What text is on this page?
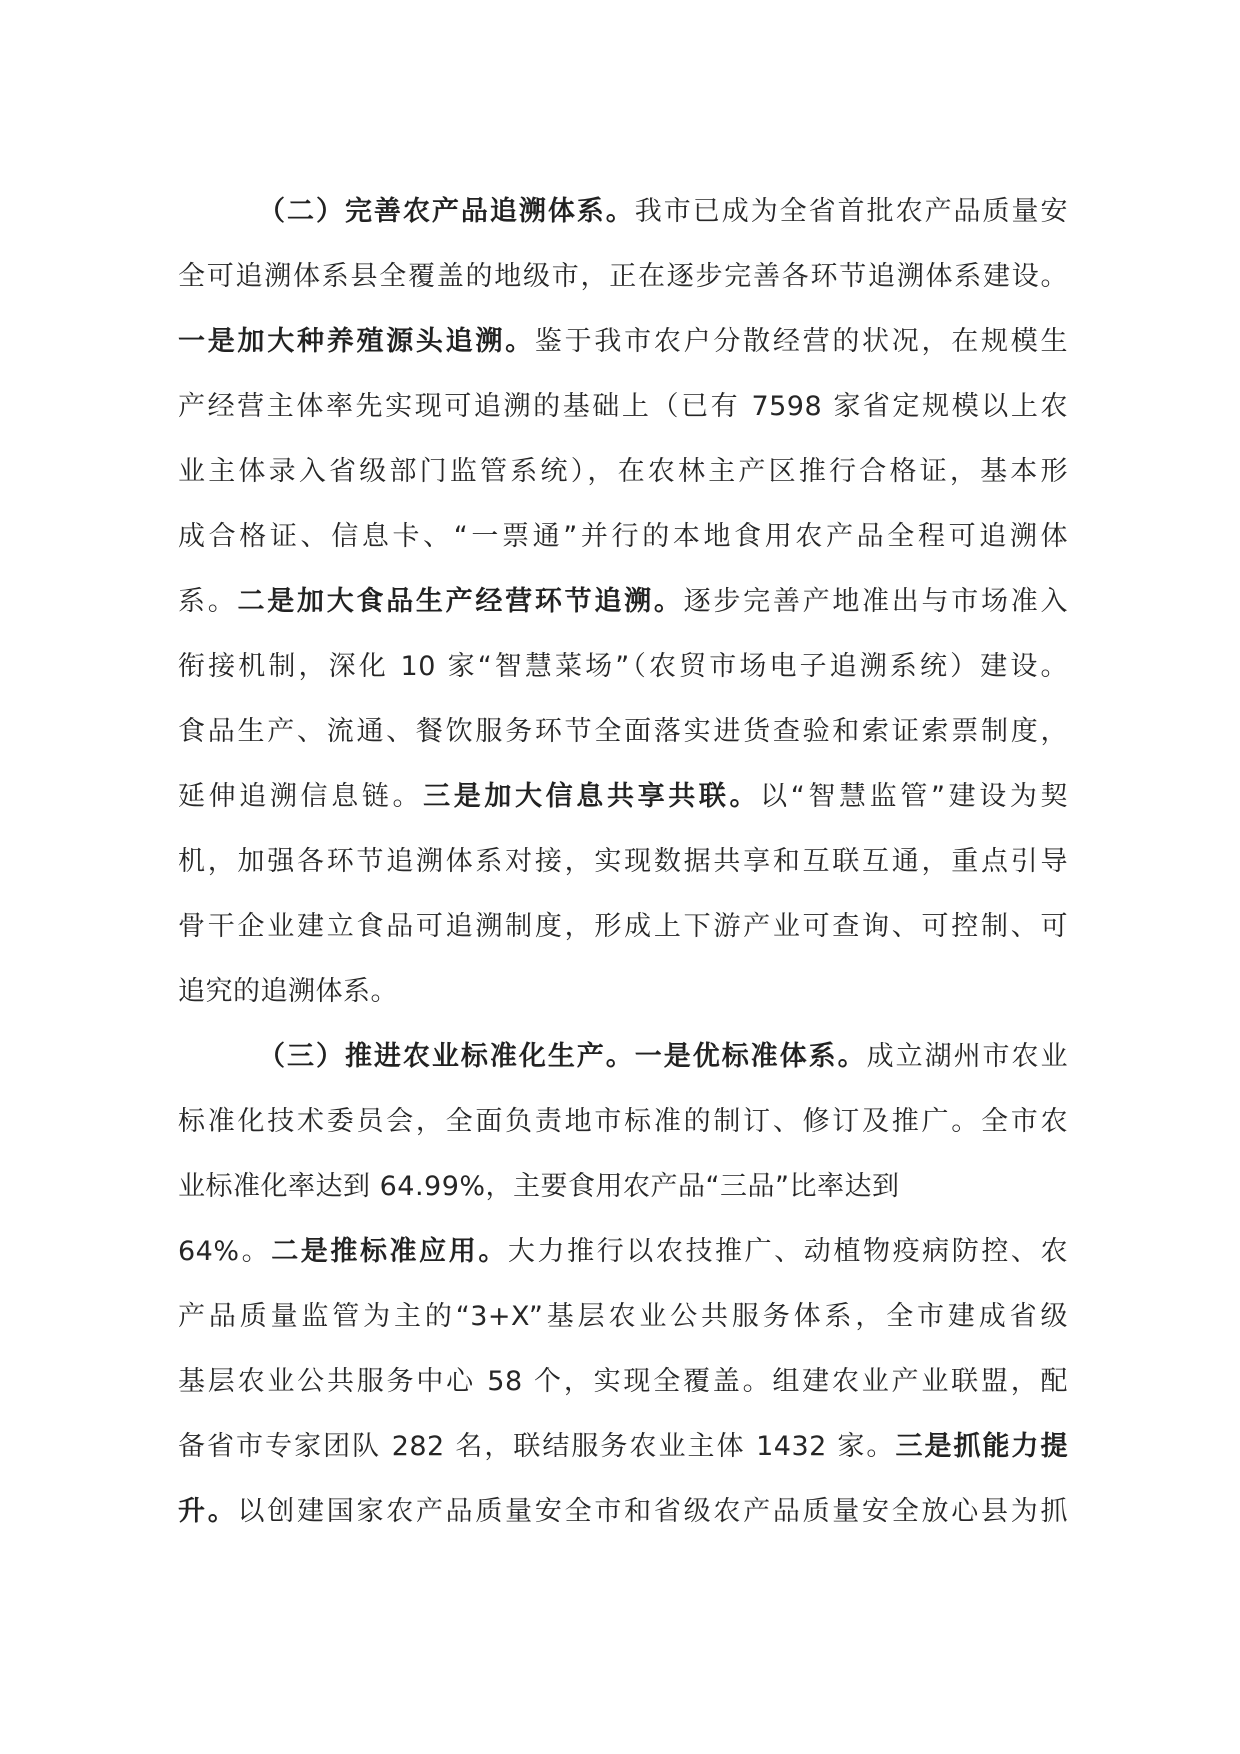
（二）完善农产品追溯体系。我市已成为全省首批农产品质量安
全可追溯体系县全覆盖的地级市，正在逐步完善各环节追溯体系建设。
一是加大种养殖源头追溯。鉴于我市农户分散经营的状况，在规模生
产经营主体率先实现可追溯的基础上（已有 7598 家省定规模以上农
业主体录入省级部门监管系统），在农林主产区推行合格证，基本形
成合格证、信息卡、“一票通”并行的本地食用农产品全程可追溯体
系。二是加大食品生产经营环节追溯。逐步完善产地准出与市场准入
衔接机制，深化 10 家“智慧菜场”（农贸市场电子追溯系统）建设。
食品生产、流通、餐饮服务环节全面落实进货查验和索证索票制度，
延伸追溯信息链。三是加大信息共享共联。以“智慧监管”建设为契
机，加强各环节追溯体系对接，实现数据共享和互联互通，重点引导
骨干企业建立食品可追溯制度，形成上下游产业可查询、可控制、可
追究的追溯体系。
（三）推进农业标准化生产。一是优标准体系。成立湖州市农业
标准化技术委员会，全面负责地市标准的制订、修订及推广。全市农
业标准化率达到 64.99%，主要食用农产品“三品”比率达到
64%。二是推标准应用。大力推行以农技推广、动植物疫病防控、农
产品质量监管为主的“3+X”基层农业公共服务体系，全市建成省级
基层农业公共服务中心 58 个，实现全覆盖。组建农业产业联盟，配
备省市专家团队 282 名，联结服务农业主体 1432 家。三是抓能力提
升。以创建国家农产品质量安全市和省级农产品质量安全放心县为抓
